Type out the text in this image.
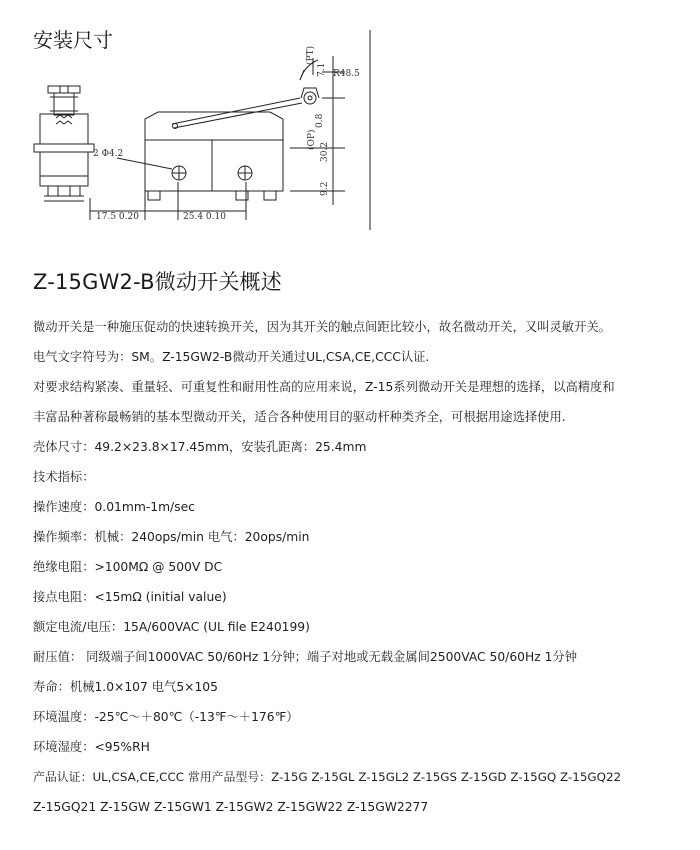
安装尺寸
(PT)
7.1 R48.5
0.8
(OP)
30.2
9.2
2 Φ4.2
17.5 0.20	25.4 0.10
Z-15GW2-B微动开关概述
微动开关是一种施压促动的快速转换开关，因为其开关的触点间距比较小，故名微动开关，又叫灵敏开关。
电气文字符号为：SM。Z-15GW2-B微动开关通过UL,CSA,CE,CCC认证.
对要求结构紧凑、重量轻、可重复性和耐用性高的应用来说，Z-15系列微动开关是理想的选择，以高精度和
丰富品种著称最畅销的基本型微动开关，适合各种使用目的驱动杆种类齐全，可根据用途选择使用.
壳体尺寸：49.2×23.8×17.45mm，安装孔距离：25.4mm
技术指标：
操作速度：0.01mm-1m/sec
操作频率：机械：240ops/min 电气：20ops/min
绝缘电阻：>100MΩ @ 500V DC
接点电阻：<15mΩ (initial value)
额定电流/电压：15A/600VAC (UL file E240199)
耐压值： 同级端子间1000VAC 50/60Hz 1分钟；端子对地或无载金属间2500VAC 50/60Hz 1分钟
寿命：机械1.0×107 电气5×105
环境温度：-25℃～＋80℃（-13℉～＋176℉）
环境湿度：<95%RH
产品认证：UL,CSA,CE,CCC 常用产品型号：Z-15G Z-15GL Z-15GL2 Z-15GS Z-15GD Z-15GQ Z-15GQ22
Z-15GQ21 Z-15GW Z-15GW1 Z-15GW2 Z-15GW22 Z-15GW2277
